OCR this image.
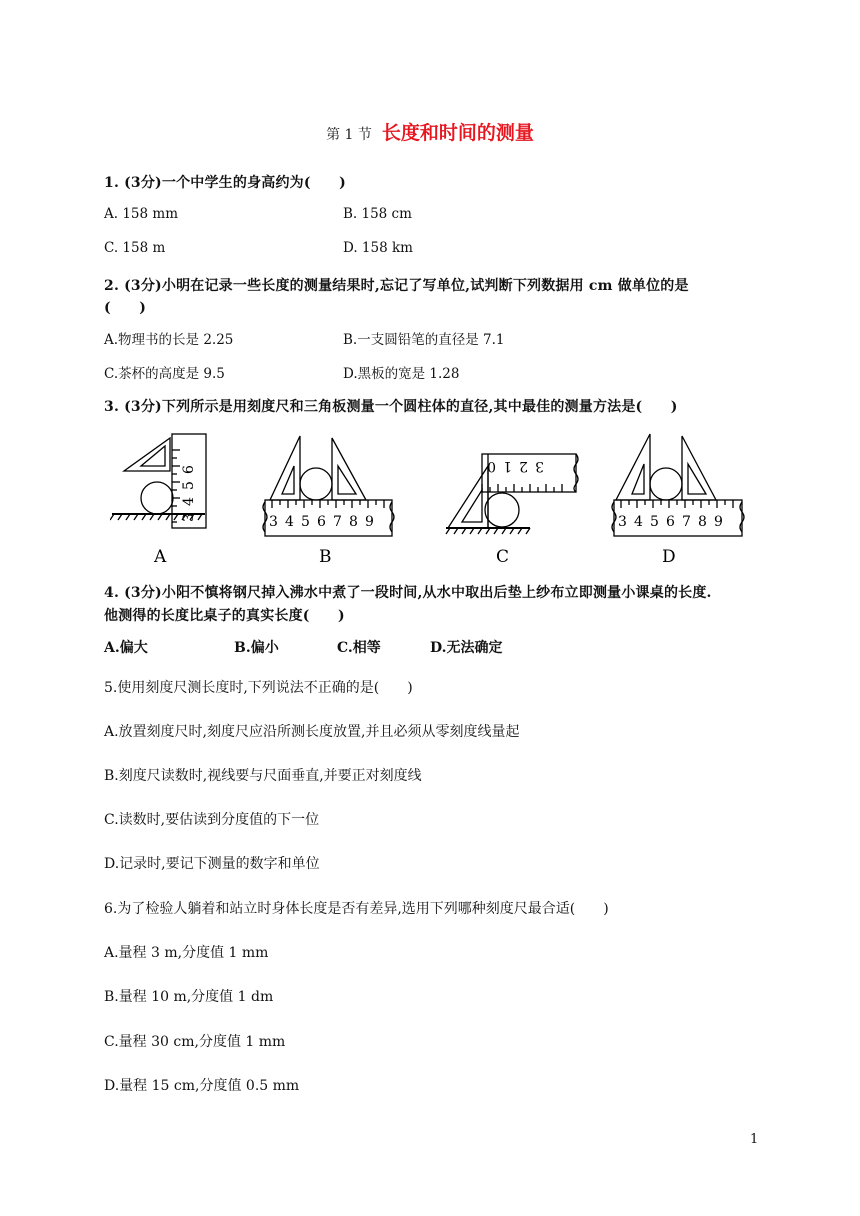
第 1 节 长度和时间的测量
1. (3分)一个中学生的身高约为(　　)
A. 158 mm	B. 158 cm
C. 158 m	D. 158 km
2. (3分)小明在记录一些长度的测量结果时,忘记了写单位,试判断下列数据用 cm 做单位的是
(　　)
A.物理书的长是 2.25	B.一支圆铅笔的直径是 7.1
C.茶杯的高度是 9.5	D.黑板的宽是 1.28
3. (3分)下列所示是用刻度尺和三角板测量一个圆柱体的直径,其中最佳的测量方法是(　　)
3
4
5
6
3 4 5 6 7 8 9
0 1 2 3
3 4 5 6 7 8 9
A	B	C	D
4. (3分)小阳不慎将钢尺掉入沸水中煮了一段时间,从水中取出后垫上纱布立即测量小课桌的长度.
他测得的长度比桌子的真实长度(　　)
A.偏大	B.偏小	C.相等	D.无法确定
5.使用刻度尺测长度时,下列说法不正确的是(　　)
A.放置刻度尺时,刻度尺应沿所测长度放置,并且必须从零刻度线量起
B.刻度尺读数时,视线要与尺面垂直,并要正对刻度线
C.读数时,要估读到分度值的下一位
D.记录时,要记下测量的数字和单位
6.为了检验人躺着和站立时身体长度是否有差异,选用下列哪种刻度尺最合适(　　)
A.量程 3 m,分度值 1 mm
B.量程 10 m,分度值 1 dm
C.量程 30 cm,分度值 1 mm
D.量程 15 cm,分度值 0.5 mm
1
